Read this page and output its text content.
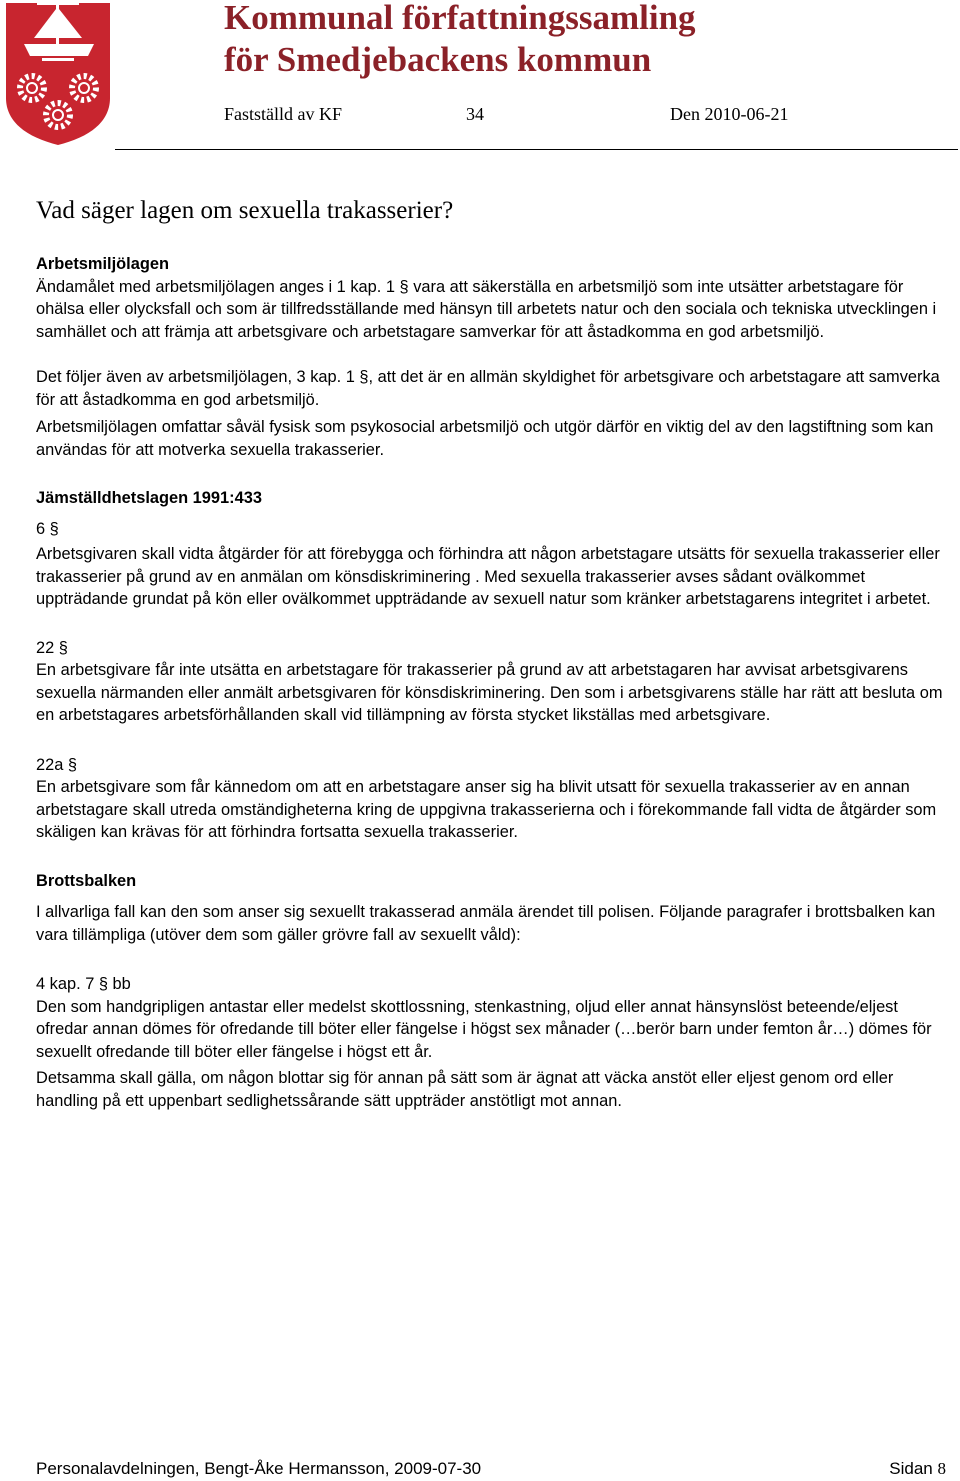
Kommunal författningssamling
för Smedjebackens kommun
Fastställd av KF	34	Den 2010-06-21
Vad säger lagen om sexuella trakasserier?
Arbetsmiljölagen

Ändamålet med arbetsmiljölagen anges i 1 kap. 1 § vara att säkerställa en arbetsmiljö som inte utsätter arbetstagare för ohälsa eller olycksfall och som är tillfredsställande med hänsyn till arbetets natur och den sociala och tekniska utvecklingen i samhället och att främja att arbetsgivare och arbetstagare samverkar för att åstadkomma en god arbetsmiljö.

Det följer även av arbetsmiljölagen, 3 kap. 1 §, att det är en allmän skyldighet för arbetsgivare och arbetstagare att samverka för att åstadkomma en god arbetsmiljö.

Arbetsmiljölagen omfattar såväl fysisk som psykosocial arbetsmiljö och utgör därför en viktig del av den lagstiftning som kan användas för att motverka sexuella trakasserier.

Jämställdhetslagen 1991:433

6 §

Arbetsgivaren skall vidta åtgärder för att förebygga och förhindra att någon arbetstagare utsätts för sexuella trakasserier eller trakasserier på grund av en anmälan om könsdiskriminering . Med sexuella trakasserier avses sådant ovälkommet uppträdande grundat på kön eller ovälkommet uppträdande av sexuell natur som kränker arbetstagarens integritet i arbetet.

22 §

En arbetsgivare får inte utsätta en arbetstagare för trakasserier på grund av att arbetstagaren har avvisat arbetsgivarens sexuella närmanden eller anmält arbetsgivaren för könsdiskriminering. Den som i arbetsgivarens ställe har rätt att besluta om en arbetstagares arbetsförhållanden skall vid tillämpning av första stycket likställas med arbetsgivare.

22a §

En arbetsgivare som får kännedom om att en arbetstagare anser sig ha blivit utsatt för sexuella trakasserier av en annan arbetstagare skall utreda omständigheterna kring de uppgivna trakasserierna och i förekommande fall vidta de åtgärder som skäligen kan krävas för att förhindra fortsatta sexuella trakasserier.

Brottsbalken

I allvarliga fall kan den som anser sig sexuellt trakasserad anmäla ärendet till polisen. Följande paragrafer i brottsbalken kan vara tillämpliga (utöver dem som gäller grövre fall av sexuellt våld):

4 kap. 7 § bb

Den som handgripligen antastar eller medelst skottlossning, stenkastning, oljud eller annat hänsynslöst beteende/eljest ofredar annan dömes för ofredande till böter eller fängelse i högst sex månader (…berör barn under femton år…) dömes för sexuellt ofredande till böter eller fängelse i högst ett år.

Detsamma skall gälla, om någon blottar sig för annan på sätt som är ägnat att väcka anstöt eller eljest genom ord eller handling på ett uppenbart sedlighetssårande sätt uppträder anstötligt mot annan.

Personalavdelningen, Bengt-Åke Hermansson, 2009-07-30	Sidan 8
